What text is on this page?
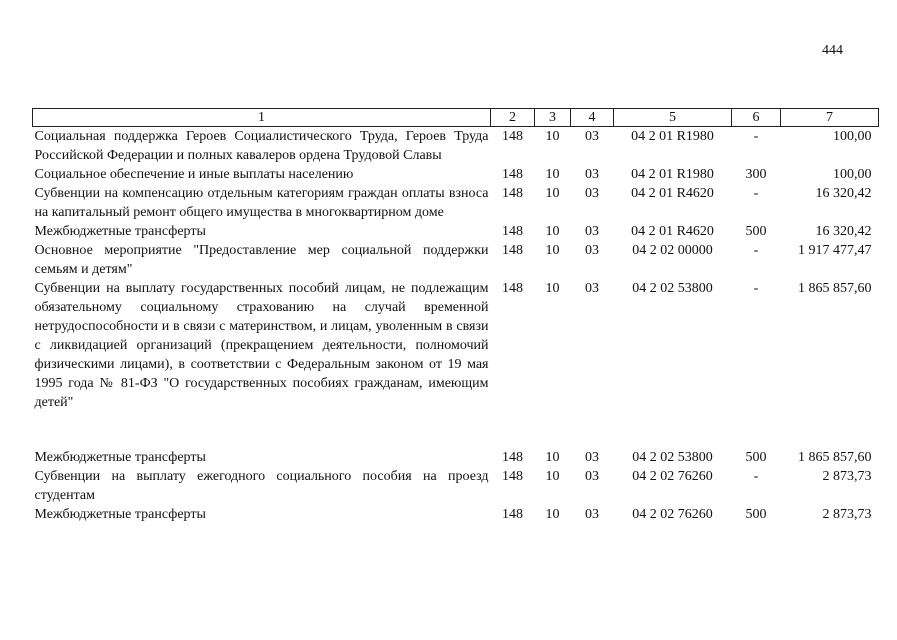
444
1	2	3	4	5	6	7
Социальная поддержка Героев Социалистического Труда, Героев Труда Российской Федерации и полных кавалеров ордена Трудовой Славы	148	10	03	04 2 01 R1980	-	100,00
Социальное обеспечение и иные выплаты населению	148	10	03	04 2 01 R1980	300	100,00
Субвенции на компенсацию отдельным категориям граждан оплаты взноса на капитальный ремонт общего имущества в многоквартирном доме	148	10	03	04 2 01 R4620	-	16 320,42
Межбюджетные трансферты	148	10	03	04 2 01 R4620	500	16 320,42
Основное мероприятие "Предоставление мер социальной поддержки семьям и детям"	148	10	03	04 2 02 00000	-	1 917 477,47
Субвенции на выплату государственных пособий лицам, не подлежащим обязательному социальному страхованию на случай временной нетрудоспособности и в связи с материнством, и лицам, уволенным в связи с ликвидацией организаций (прекращением деятельности, полномочий физическими лицами), в соответствии с Федеральным законом от 19 мая 1995 года № 81-ФЗ "О государственных пособиях гражданам, имеющим детей"	148	10	03	04 2 02 53800	-	1 865 857,60
Межбюджетные трансферты	148	10	03	04 2 02 53800	500	1 865 857,60
Субвенции на выплату ежегодного социального пособия на проезд студентам	148	10	03	04 2 02 76260	-	2 873,73
Межбюджетные трансферты	148	10	03	04 2 02 76260	500	2 873,73
